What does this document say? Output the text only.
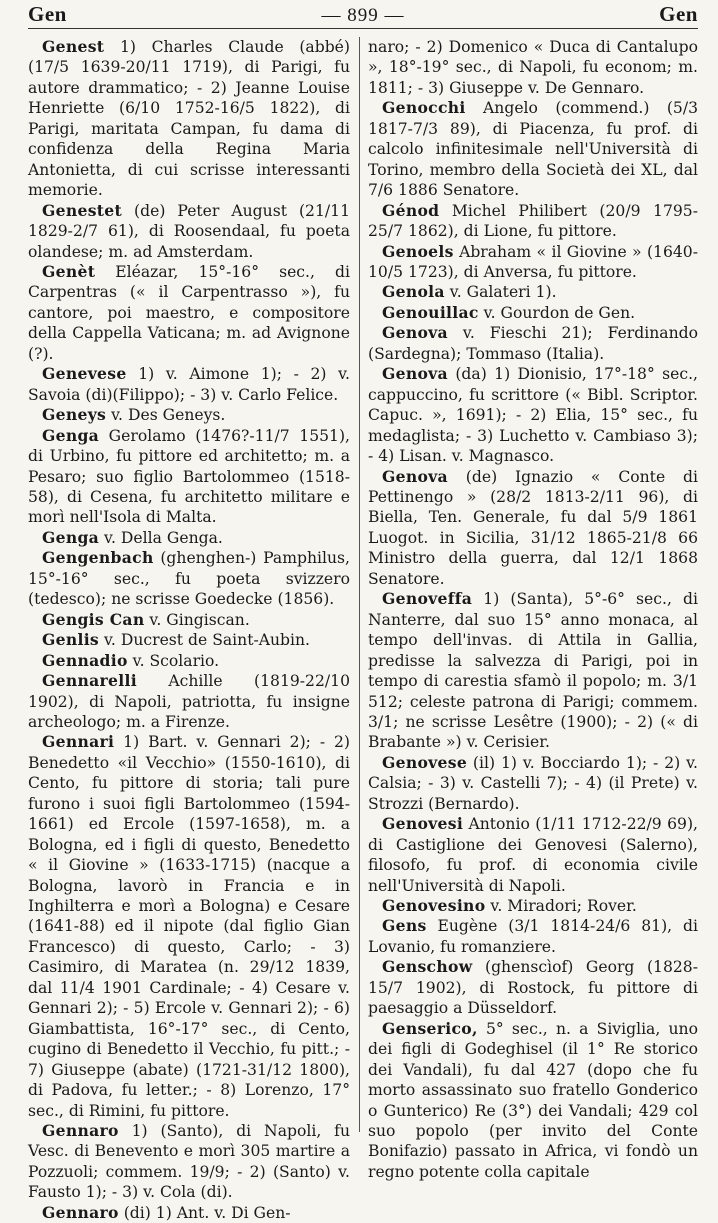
Gen	— 899 —	Gen

Genest 1) Charles Claude (abbé) (17/5 1639-20/11 1719), di Parigi, fu autore drammatico; - 2) Jeanne Louise Henriette (6/10 1752-16/5 1822), di Parigi, maritata Campan, fu dama di confidenza della Regina Maria Antonietta, di cui scrisse interessanti memorie.

Genestet (de) Peter August (21/11 1829-2/7 61), di Roosendaal, fu poeta olandese; m. ad Amsterdam.

Genèt Eléazar, 15°-16° sec., di Carpentras (« il Carpentrasso »), fu cantore, poi maestro, e compositore della Cappella Vaticana; m. ad Avignone (?).

Genevese 1) v. Aimone 1); - 2) v. Savoia (di)(Filippo); - 3) v. Carlo Felice.

Geneys v. Des Geneys.

Genga Gerolamo (1476?-11/7 1551), di Urbino, fu pittore ed architetto; m. a Pesaro; suo figlio Bartolommeo (1518-58), di Cesena, fu architetto militare e morì nell'Isola di Malta.

Genga v. Della Genga.

Gengenbach (ghenghen-) Pamphilus, 15°-16° sec., fu poeta svizzero (tedesco); ne scrisse Goedecke (1856).

Gengis Can v. Gingiscan.

Genlis v. Ducrest de Saint-Aubin.

Gennadio v. Scolario.

Gennarelli Achille (1819-22/10 1902), di Napoli, patriotta, fu insigne archeologo; m. a Firenze.

Gennari 1) Bart. v. Gennari 2); - 2) Benedetto «il Vecchio» (1550-1610), di Cento, fu pittore di storia; tali pure furono i suoi figli Bartolommeo (1594-1661) ed Ercole (1597-1658), m. a Bologna, ed i figli di questo, Benedetto « il Giovine » (1633-1715) (nacque a Bologna, lavorò in Francia e in Inghilterra e morì a Bologna) e Cesare (1641-88) ed il nipote (dal figlio Gian Francesco) di questo, Carlo; - 3) Casimiro, di Maratea (n. 29/12 1839, dal 11/4 1901 Cardinale; - 4) Cesare v. Gennari 2); - 5) Ercole v. Gennari 2); - 6) Giambattista, 16°-17° sec., di Cento, cugino di Benedetto il Vecchio, fu pitt.; - 7) Giuseppe (abate) (1721-31/12 1800), di Padova, fu letter.; - 8) Lorenzo, 17° sec., di Rimini, fu pittore.

Gennaro 1) (Santo), di Napoli, fu Vesc. di Benevento e morì 305 martire a Pozzuoli; commem. 19/9; - 2) (Santo) v. Fausto 1); - 3) v. Cola (di).

Gennaro (di) 1) Ant. v. Di Gen-

naro; - 2) Domenico « Duca di Cantalupo », 18°-19° sec., di Napoli, fu econom; m. 1811; - 3) Giuseppe v. De Gennaro.

Genocchi Angelo (commend.) (5/3 1817-7/3 89), di Piacenza, fu prof. di calcolo infinitesimale nell'Università di Torino, membro della Società dei XL, dal 7/6 1886 Senatore.

Génod Michel Philibert (20/9 1795-25/7 1862), di Lione, fu pittore.

Genoels Abraham « il Giovine » (1640-10/5 1723), di Anversa, fu pittore.

Genola v. Galateri 1).

Genouillac v. Gourdon de Gen.

Genova v. Fieschi 21); Ferdinando (Sardegna); Tommaso (Italia).

Genova (da) 1) Dionisio, 17°-18° sec., cappuccino, fu scrittore (« Bibl. Scriptor. Capuc. », 1691); - 2) Elia, 15° sec., fu medaglista; - 3) Luchetto v. Cambiaso 3); - 4) Lisan. v. Magnasco.

Genova (de) Ignazio « Conte di Pettinengo » (28/2 1813-2/11 96), di Biella, Ten. Generale, fu dal 5/9 1861 Luogot. in Sicilia, 31/12 1865-21/8 66 Ministro della guerra, dal 12/1 1868 Senatore.

Genoveffa 1) (Santa), 5°-6° sec., di Nanterre, dal suo 15° anno monaca, al tempo dell'invas. di Attila in Gallia, predisse la salvezza di Parigi, poi in tempo di carestia sfamò il popolo; m. 3/1 512; celeste patrona di Parigi; commem. 3/1; ne scrisse Lesêtre (1900); - 2) (« di Brabante ») v. Cerisier.

Genovese (il) 1) v. Bocciardo 1); - 2) v. Calsia; - 3) v. Castelli 7); - 4) (il Prete) v. Strozzi (Bernardo).

Genovesi Antonio (1/11 1712-22/9 69), di Castiglione dei Genovesi (Salerno), filosofo, fu prof. di economia civile nell'Università di Napoli.

Genovesino v. Miradori; Rover.

Gens Eugène (3/1 1814-24/6 81), di Lovanio, fu romanziere.

Genschow (ghenscìof) Georg (1828-15/7 1902), di Rostock, fu pittore di paesaggio a Düsseldorf.

Genserico, 5° sec., n. a Siviglia, uno dei figli di Godeghisel (il 1° Re storico dei Vandali), fu dal 427 (dopo che fu morto assassinato suo fratello Gonderico o Gunterico) Re (3°) dei Vandali; 429 col suo popolo (per invito del Conte Bonifazio) passato in Africa, vi fondò un regno potente colla capitale
